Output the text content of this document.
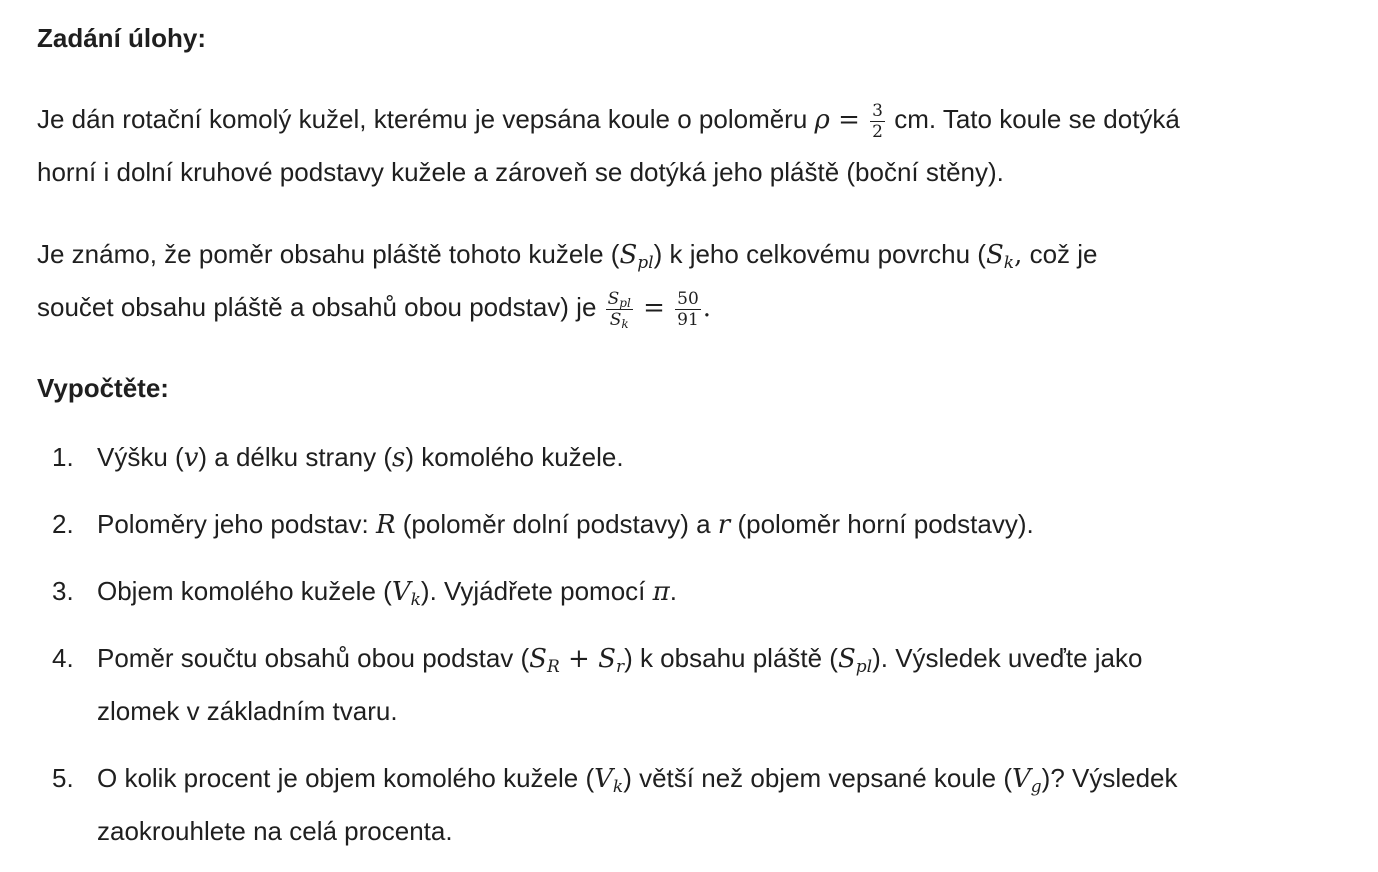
Zadání úlohy:
Je dán rotační komolý kužel, kterému je vepsána koule o poloměru $\rho = \frac{3}{2}$ cm. Tato koule se dotýká
horní i dolní kruhové podstavy kužele a zároveň se dotýká jeho pláště (boční stěny).
Je známo, že poměr obsahu pláště tohoto kužele $(S_{pl})$ k jeho celkovému povrchu ($S_k$, což je
součet obsahu pláště a obsahů obou podstav) je $\frac{S_{pl}}{S_k} = \frac{50}{91}$ .
Vypočtěte:
1. Výšku (v) a délku strany (s) komolého kužele.
2. Poloměry jeho podstav: R (poloměr dolní podstavy) a r (poloměr horní podstavy).
3. Objem komolého kužele $(V_k)$. Vyjádřete pomocí π.
4. Poměr součtu obsahů obou podstav $(S_R + S_r)$ k obsahu pláště $(S_{pl})$. Výsledek uveďte jako
zlomek v základním tvaru.
5. O kolik procent je objem komolého kužele $(V_k)$ větší než objem vepsané koule $(V_g)$? Výsledek
zaokrouhlete na celá procenta.
